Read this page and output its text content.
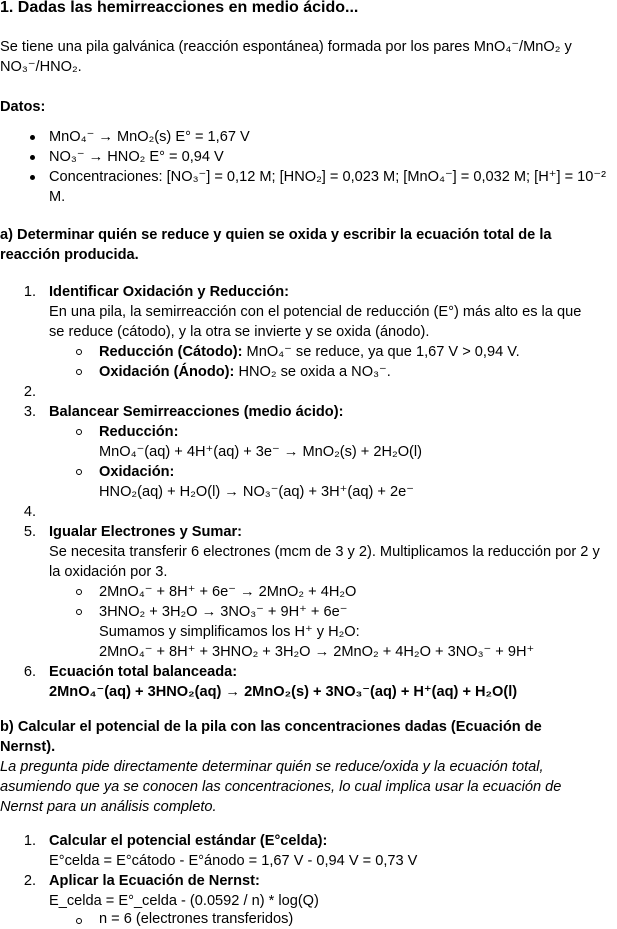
1. Dadas las hemirreacciones en medio ácido...
Se tiene una pila galvánica (reacción espontánea) formada por los pares MnO₄⁻/MnO₂ y
NO₃⁻/HNO₂.
Datos:
MnO₄⁻ → MnO₂(s) E° = 1,67 V
NO₃⁻ → HNO₂ E° = 0,94 V
Concentraciones: [NO₃⁻] = 0,12 M; [HNO₂] = 0,023 M; [MnO₄⁻] = 0,032 M; [H⁺] = 10⁻²
M.
a) Determinar quién se reduce y quien se oxida y escribir la ecuación total de la
reacción producida.
1. Identificar Oxidación y Reducción:
En una pila, la semirreacción con el potencial de reducción (E°) más alto es la que
se reduce (cátodo), y la otra se invierte y se oxida (ánodo).
Reducción (Cátodo): MnO₄⁻ se reduce, ya que 1,67 V > 0,94 V.
Oxidación (Ánodo): HNO₂ se oxida a NO₃⁻.
2.
3. Balancear Semirreacciones (medio ácido):
Reducción:
MnO₄⁻(aq) + 4H⁺(aq) + 3e⁻ → MnO₂(s) + 2H₂O(l)
Oxidación:
HNO₂(aq) + H₂O(l) → NO₃⁻(aq) + 3H⁺(aq) + 2e⁻
4.
5. Igualar Electrones y Sumar:
Se necesita transferir 6 electrones (mcm de 3 y 2). Multiplicamos la reducción por 2 y
la oxidación por 3.
2MnO₄⁻ + 8H⁺ + 6e⁻ → 2MnO₂ + 4H₂O
3HNO₂ + 3H₂O → 3NO₃⁻ + 9H⁺ + 6e⁻
Sumamos y simplificamos los H⁺ y H₂O:
2MnO₄⁻ + 8H⁺ + 3HNO₂ + 3H₂O → 2MnO₂ + 4H₂O + 3NO₃⁻ + 9H⁺
6. Ecuación total balanceada:
2MnO₄⁻(aq) + 3HNO₂(aq) → 2MnO₂(s) + 3NO₃⁻(aq) + H⁺(aq) + H₂O(l)
b) Calcular el potencial de la pila con las concentraciones dadas (Ecuación de
Nernst).
La pregunta pide directamente determinar quién se reduce/oxida y la ecuación total,
asumiendo que ya se conocen las concentraciones, lo cual implica usar la ecuación de
Nernst para un análisis completo.
1. Calcular el potencial estándar (E°celda):
E°celda = E°cátodo - E°ánodo = 1,67 V - 0,94 V = 0,73 V
2. Aplicar la Ecuación de Nernst:
E_celda = E°_celda - (0.0592 / n) * log(Q)
n = 6 (electrones transferidos)
